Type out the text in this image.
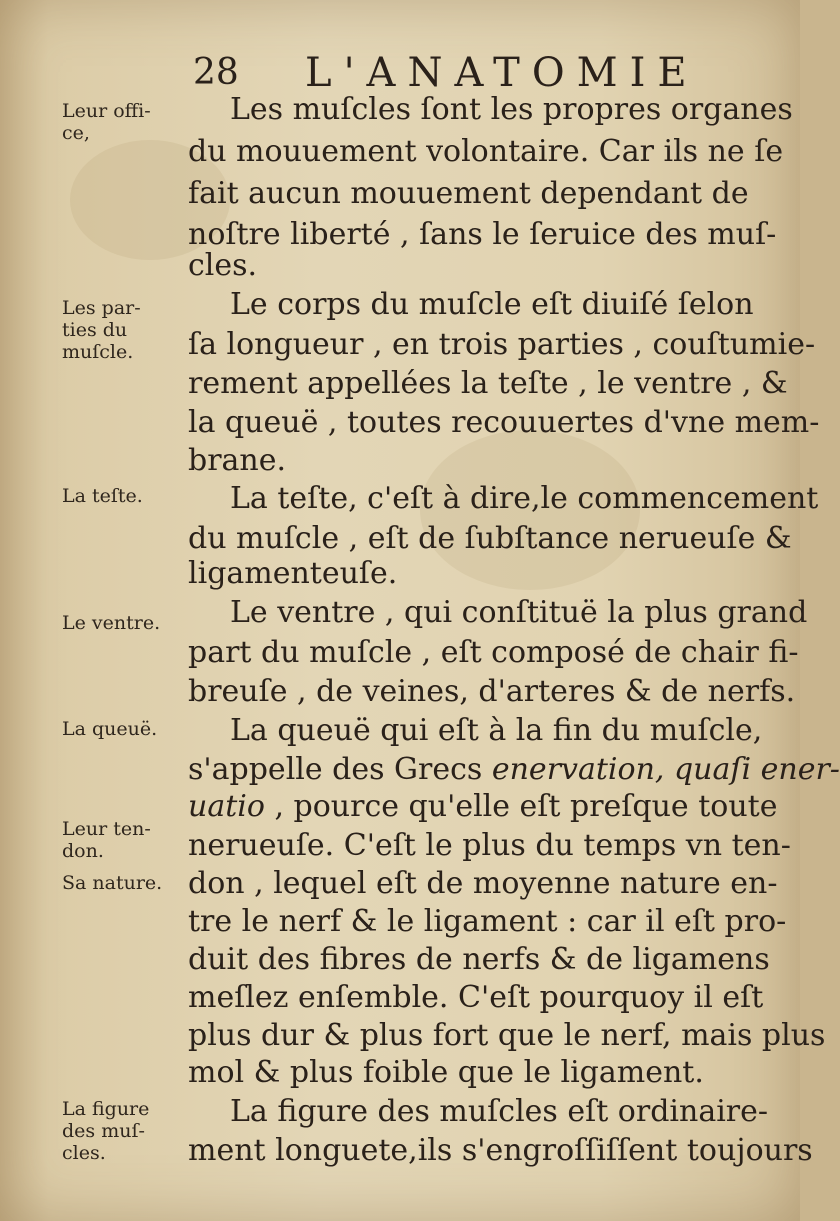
28 L'ANATOMIE
Leur offi-
ce,
Les par-
ties du
muſcle.
La teſte.
Le ventre.
La queuë.
Leur ten-
don.
Sa nature.
La figure
des muſ-
cles.
Les muſcles ſont les propres organes
du mouuement volontaire. Car ils ne ſe
fait aucun mouuement dependant de
noſtre liberté , ſans le ſeruice des muſ-
cles.
Le corps du muſcle eſt diuiſé ſelon
ſa longueur , en trois parties , couſtumie-
rement appellées la teſte , le ventre , &
la queuë , toutes recouuertes d'vne mem-
brane.
La teſte, c'eſt à dire,le commencement
du muſcle , eſt de ſubſtance nerueuſe &
ligamenteuſe.
Le ventre , qui conſtituë la plus grand
part du muſcle , eſt composé de chair fi-
breuſe , de veines, d'arteres & de nerfs.
La queuë qui eſt à la fin du muſcle,
s'appelle des Grecs enervation, quaſi ener-
uatio , pource qu'elle eſt preſque toute
nerueuſe. C'eſt le plus du temps vn ten-
don , lequel eſt de moyenne nature en-
tre le nerf & le ligament : car il eſt pro-
duit des fibres de nerfs & de ligamens
meſlez enſemble. C'eſt pourquoy il eſt
plus dur & plus fort que le nerf, mais plus
mol & plus foible que le ligament.
La figure des muſcles eſt ordinaire-
ment longuete,ils s'engroſſiſſent toujours
